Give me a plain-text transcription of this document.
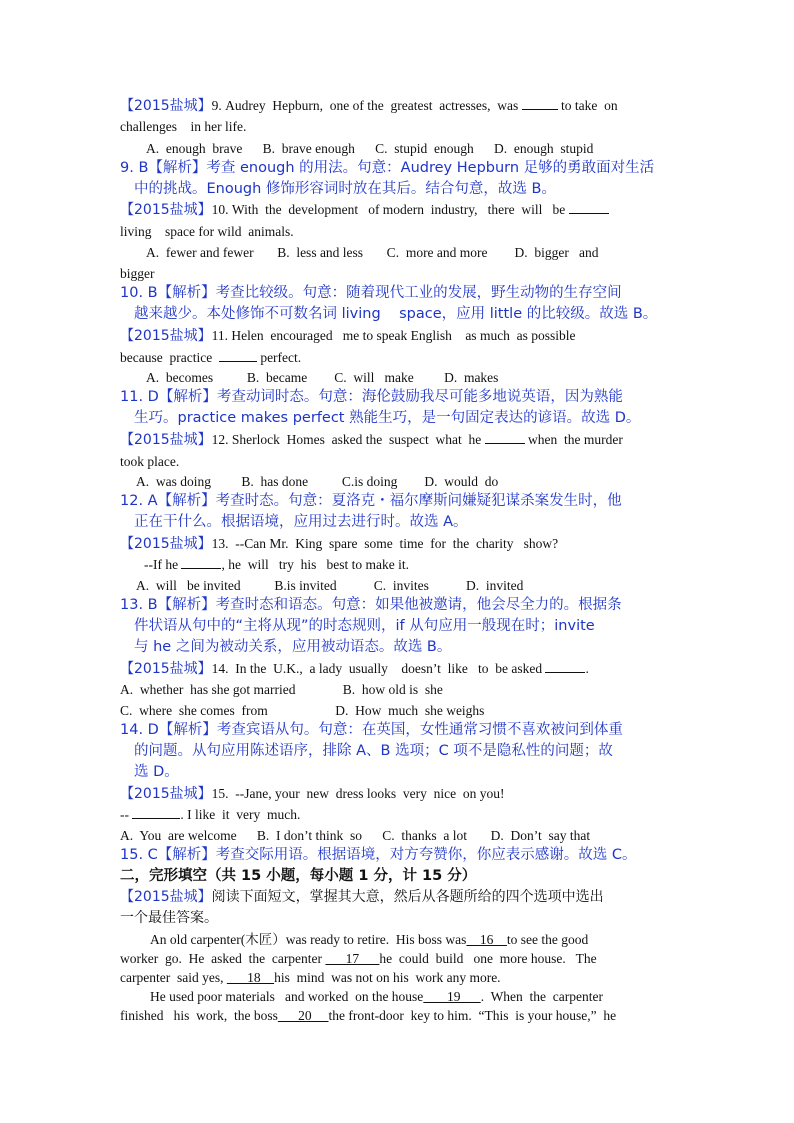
【2015盐城】9. Audrey  Hepburn,  one of the  greatest  actresses,  was	to take  on
challenges    in her life.
A.  enough  brave      B.  brave enough      C.  stupid  enough      D.  enough  stupid
9. B【解析】考查 enough 的用法。句意：Audrey Hepburn 足够的勇敢面对生活
中的挑战。Enough 修饰形容词时放在其后。结合句意，故选 B。
【2015盐城】10. With  the  development   of modern  industry,   there  will   be
living    space for wild  animals.
A.  fewer and fewer       B.  less and less       C.  more and more        D.  bigger   and
bigger
10. B【解析】考查比较级。句意：随着现代工业的发展，野生动物的生存空间
越来越少。本处修饰不可数名词 living    space，应用 little 的比较级。故选 B。
【2015盐城】11. Helen  encouraged   me to speak English    as much  as possible
because  practice	perfect.
A.  becomes          B.  became        C.  will   make         D.  makes
11. D【解析】考查动词时态。句意：海伦鼓励我尽可能多地说英语，因为熟能
生巧。practice makes perfect 熟能生巧，是一句固定表达的谚语。故选 D。
【2015盐城】12. Sherlock  Homes  asked the  suspect  what  he	when  the murder
took place.
A.  was doing         B.  has done          C.is doing        D.  would  do
12. A【解析】考查时态。句意：夏洛克・福尔摩斯问嫌疑犯谋杀案发生时，他
正在干什么。根据语境，应用过去进行时。故选 A。
【2015盐城】13.  --Can Mr.  King  spare  some  time  for  the  charity   show?
--If he	, he  will   try  his   best to make it.
A.  will   be invited          B.is invited           C.  invites           D.  invited
13. B【解析】考查时态和语态。句意：如果他被邀请，他会尽全力的。根据条
件状语从句中的“主将从现”的时态规则，if 从句应用一般现在时；invite
与 he 之间为被动关系，应用被动语态。故选 B。
【2015盐城】14.  In the  U.K.,  a lady  usually    doesn’t  like   to  be asked	.
A.  whether  has she got married              B.  how old is  she
C.  where  she comes  from                    D.  How  much  she weighs
14. D【解析】考查宾语从句。句意：在英国，女性通常习惯不喜欢被问到体重
的问题。从句应用陈述语序，排除 A、B 选项；C 项不是隐私性的问题；故
选 D。
【2015盐城】15.  --Jane, your  new  dress looks  very  nice  on you!
--	. I like  it  very  much.
A.  You  are welcome      B.  I don’t think  so      C.  thanks  a lot       D.  Don’t  say that
15. C【解析】考查交际用语。根据语境，对方夸赞你，你应表示感谢。故选 C。
二，完形填空（共 15 小题，每小题 1 分，计 15 分）
【2015盐城】阅读下面短文，掌握其大意，然后从各题所给的四个选项中选出
一个最佳答案。
An old carpenter(木匠）was ready to retire.  His boss was    16    to see the good
worker  go.  He  asked  the  carpenter       17      he  could  build   one  more house.   The
carpenter  said yes,       18    his  mind  was not on his  work any more.
He used poor materials   and worked  on the house       19      .  When  the  carpenter
finished   his  work,  the boss      20     the front-door  key to him.  “This  is your house,”  he
